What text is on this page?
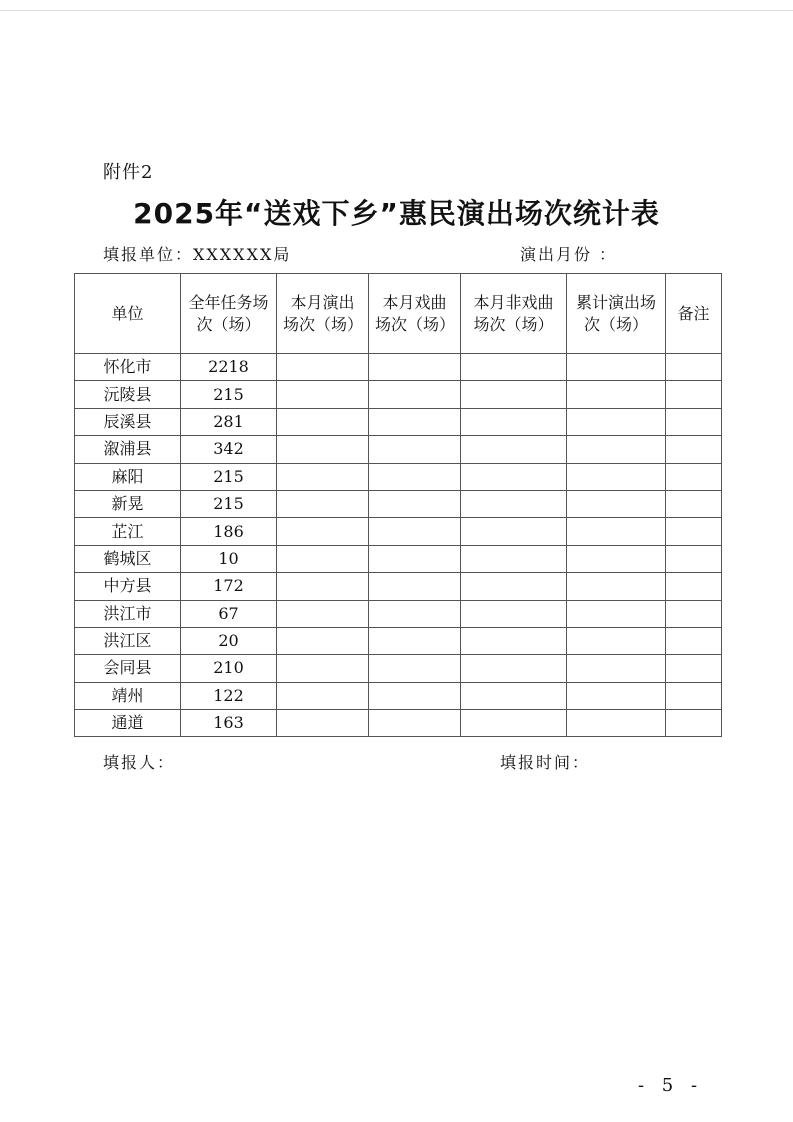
附件2
2025年“送戏下乡”惠民演出场次统计表
填报单位：XXXXXX局	演出月份 ：
单位	全年任务场次（场）	本月演出场次（场）	本月戏曲场次（场）	本月非戏曲场次（场）	累计演出场次（场）	备注

怀化市	2218					
沅陵县	215					
辰溪县	281					
溆浦县	342					
麻阳	215					
新晃	215					
芷江	186					
鹤城区	10					
中方县	172					
洪江市	67					
洪江区	20					
会同县	210					
靖州	122					
通道	163					
填报人：	填报时间：
- 5 -
